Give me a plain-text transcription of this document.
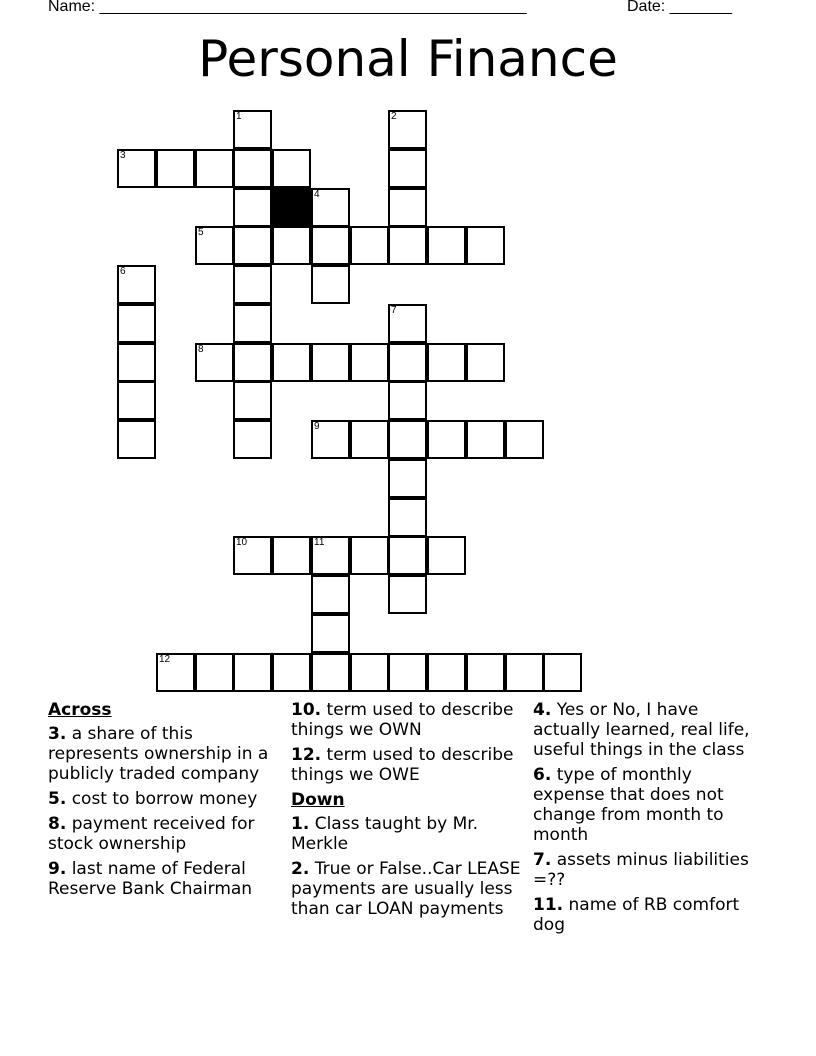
Name: ________________________________________________	Date: _______
Personal Finance
1	2
3
4
5
6
7
8
9
10	11
12
Across
3. a share of this represents ownership in a publicly traded company
5. cost to borrow money
8. payment received for stock ownership
9. last name of Federal Reserve Bank Chairman
10. term used to describe things we OWN
12. term used to describe things we OWE
Down
1. Class taught by Mr. Merkle
2. True or False..Car LEASE payments are usually less than car LOAN payments
4. Yes or No, I have actually learned, real life, useful things in the class
6. type of monthly expense that does not change from month to month
7. assets minus liabilities =??
11. name of RB comfort dog
